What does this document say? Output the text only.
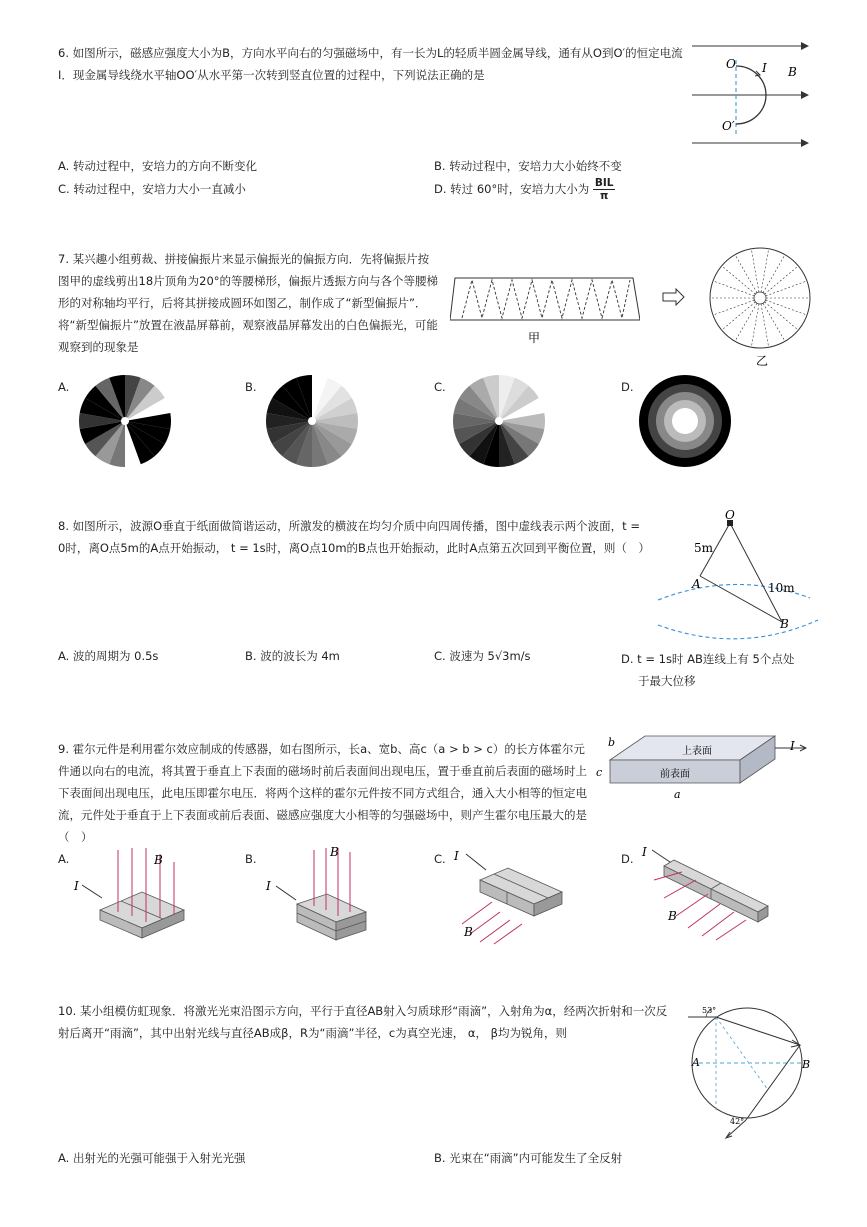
6. 如图所示，磁感应强度大小为B，方向水平向右的匀强磁场中，有一长为L的轻质半圆金属导线，通有从O到O′的恒定电流I．现金属导线绕水平轴OO′从水平第一次转到竖直位置的过程中，下列说法正确的是
O I B
O′
A. 转动过程中，安培力的方向不断变化	B. 转动过程中，安培力大小始终不变
C. 转动过程中，安培力大小一直减小	D. 转过 60°时，安培力大小为 $\frac{\text{BIL}}{\pi}$
7. 某兴趣小组剪裁、拼接偏振片来显示偏振光的偏振方向．先将偏振片按图甲的虚线剪出18片顶角为20°的等腰梯形，偏振片透振方向与各个等腰梯形的对称轴均平行，后将其拼接成圆环如图乙，制作成了“新型偏振片”．将“新型偏振片”放置在液晶屏幕前，观察液晶屏幕发出的白色偏振光，可能观察到的现象是
甲
乙
A.	B.	C.	D.
8. 如图所示，波源O垂直于纸面做简谐运动，所激发的横波在均匀介质中向四周传播，图中虚线表示两个波面，t = 0时，离O点5m的A点开始振动， t = 1s时，离O点10m的B点也开始振动，此时A点第五次回到平衡位置，则（　）
O
5m
A	10m
B
A. 波的周期为 0.5s	B. 波的波长为 4m	C. 波速为 5√3m/s	D. t = 1s时 AB连线上有 5个点处
于最大位移
9. 霍尔元件是利用霍尔效应制成的传感器，如右图所示，长a、宽b、高c（a > b > c）的长方体霍尔元件通以向右的电流，将其置于垂直上下表面的磁场时前后表面间出现电压，置于垂直前后表面的磁场时上下表面间出现电压，此电压即霍尔电压．将两个这样的霍尔元件按不同方式组合，通入大小相等的恒定电流，元件处于垂直于上下表面或前后表面、磁感应强度大小相等的匀强磁场中，则产生霍尔电压最大的是（　）
b
c
a
I
上表面
前表面
A.
I
B	B.
I
B	C. I
B
D. I
B
10. 某小组模仿虹现象．将激光光束沿图示方向，平行于直径AB射入匀质球形“雨滴”，入射角为α，经两次折射和一次反射后离开“雨滴”，其中出射光线与直径AB成β，R为“雨滴”半径，c为真空光速， α， β均为锐角，则
53°
A	B
42°
A. 出射光的光强可能强于入射光光强	B. 光束在“雨滴”内可能发生了全反射
